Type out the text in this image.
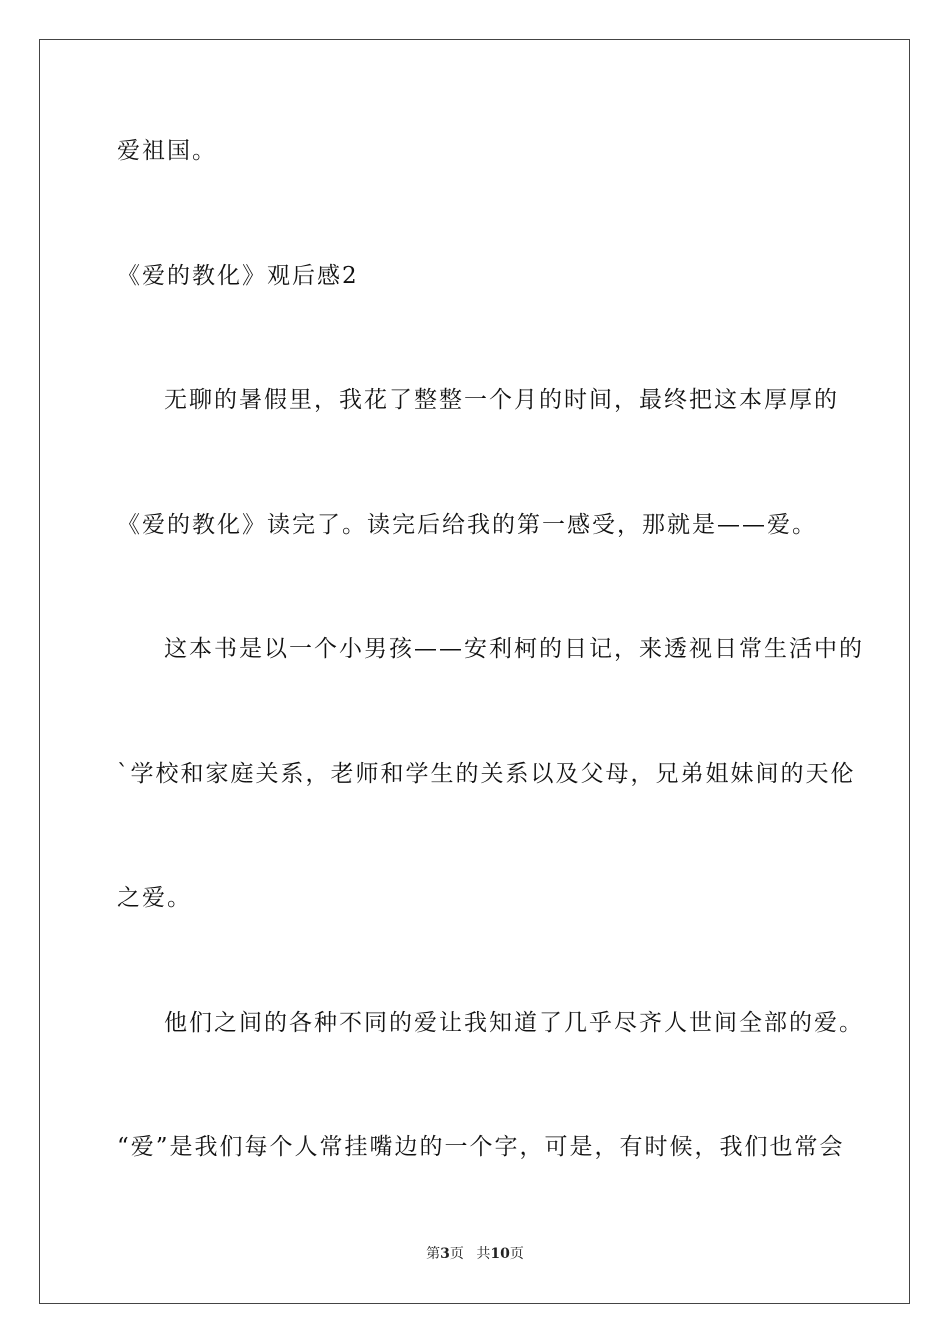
爱祖国。
《爱的教化》观后感2
无聊的暑假里，我花了整整一个月的时间，最终把这本厚厚的
《爱的教化》读完了。读完后给我的第一感受，那就是——爱。
这本书是以一个小男孩——安利柯的日记，来透视日常生活中的
`学校和家庭关系，老师和学生的关系以及父母，兄弟姐妹间的天伦
之爱。
他们之间的各种不同的爱让我知道了几乎尽齐人世间全部的爱。
“爱”是我们每个人常挂嘴边的一个字，可是，有时候，我们也常会
第3页 共10页
